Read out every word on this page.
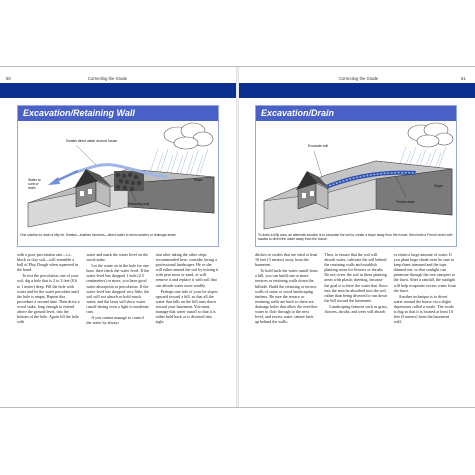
50	Correcting the Grade
Excavation/Retaining Wall
Swales direct water around house
Water to curb or drain
Slope
Retaining wall
One solution to drain a hilly lot. Swales—shallow trenches—direct water to storm sewers or drainage areas.

with a poor percolation rate—i.e., black or clay soil—will resemble a ball of Play Dough when squeezed in the hand.

To test the percolation rate of your soil, dig a hole that is 2 to 3 feet (0.6 to 1 meter) deep. Fill the hole with water and let the water percolate until the hole is empty. Repeat this procedure a second time. Then drive a wood stake, long enough to extend above the ground level, into the bottom of the hole. Again fill the hole with

water and mark the water level on the wood stake.

Let the water sit in the hole for one hour, then check the water level. If the water level has dropped 1 inch (2.5 centimeters) or more, you have good water absorption or percolation. If the water level has dropped very little, the soil will not absorb or hold much water, and the lawn will show water runoff during even a light to moderate rain.

If you cannot manage to control the water by always

tion after taking the other steps recommended here, consider facing a professional landscaper. He or she will either amend the soil by mixing it with peat moss or sand, or will remove it and replace it with soil that can absorb water more readily.

Perhaps one side of your lot slopes upward toward a hill, so that all the water that falls on the hill runs down toward your basement. You must manage that water runoff so that it is either held back or is diverted into sight

Correcting the Grade	51
Excavation/Drain
Excavate soil
Slope
French drain
To drain a hilly area, an alternate solution is to excavate the soil to create a slope away from the house, then build a French drain with swales to divert the water away from the house.

ditches or swales that are sited at least 10 feet (3 meters) away from the basement.

To hold back the water runoff from a hill, you can build one or more terraces or retaining walls down the hillside. Build the retaining or terrace walls of stone or wood landscaping timbers. Be sure the terrace or retaining walls are built so there are drainage holes that allow the overflow water to flow through to the next level, and excess water cannot back up behind the walls.

Then, to ensure that the soil will absorb water, cultivate the soil behind the retaining walls and establish planting areas for flowers or shrubs. Do not cover the soil in these planting areas with plastic sheeting, because the goal is to have the water that flows into the area be absorbed into the soil, rather than being diverted to run down the hill toward the basement.

Landscaping features such as grass, flowers, shrubs, and trees will absorb

or retain a large amount of water. If you plant large shade trees be sure to keep them trimmed and the tops thinned out, so that sunlight can penetrate through the tree canopies to the lawn. After a rainfall, the sunlight will help evaporate excess water from the lawn.

Another technique is to divert water around the house via a slight depression called a swale. The swale is dug so that it is located at least 10 feet (3 meters) from the basement wall,
